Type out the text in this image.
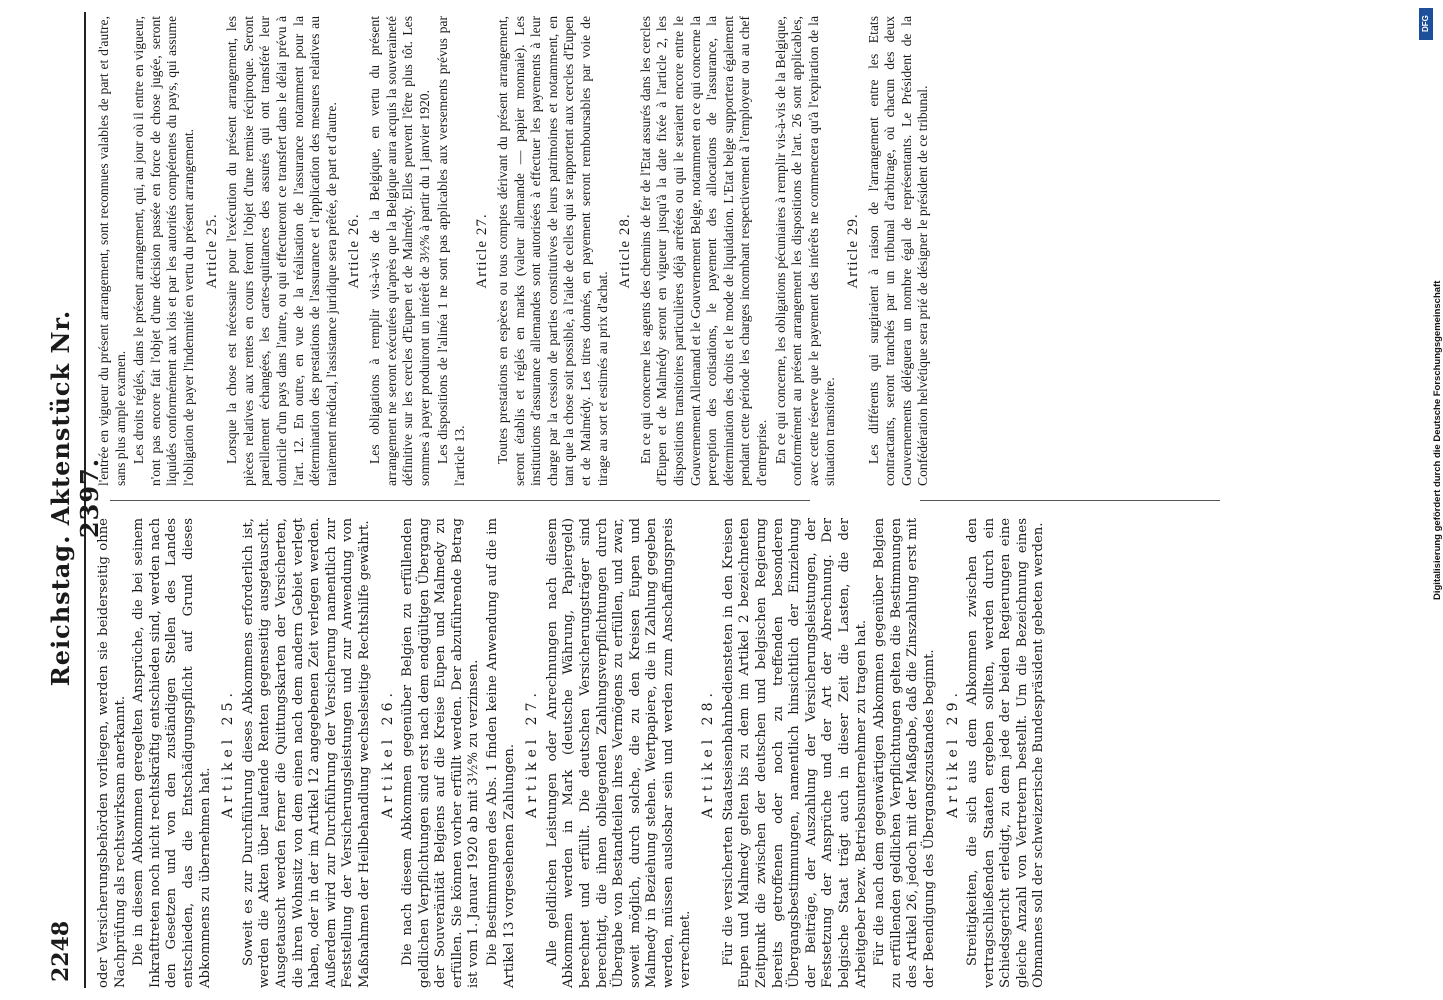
2248
Reichstag. Aktenstück Nr. 2397.

oder Versicherungsbehörden vorliegen, werden sie beiderseitig ohne Nachprüfung als rechtswirksam anerkannt. Die in diesem Abkommen geregelten Ansprüche, die bei seinem Inkrafttreten noch nicht rechtskräftig entschieden sind, werden nach den Gesetzen und von den zuständigen Stellen des Landes entschieden, das die Entschädigungspflicht auf Grund dieses Abkommens zu übernehmen hat.

Artikel 25. Soweit es zur Durchführung dieses Abkommens erforderlich ist, werden die Akten über laufende Renten gegenseitig ausgetauscht. Ausgetauscht werden ferner die Quittungskarten der Versicherten, die ihren Wohnsitz von dem einen nach dem andern Gebiet verlegt haben, oder in der im Artikel 12 angegebenen Zeit verlegen werden. Außerdem wird zur Durchführung der Versicherung namentlich zur Feststellung der Versicherungsleistungen und zur Anwendung von Maßnahmen der Heilbehandlung wechselseitige Rechtshilfe gewährt. Artikel 26. Die nach diesem Abkommen gegenüber Belgien zu erfüllenden geldlichen Verpflichtungen sind erst nach dem endgültigen Übergang der Souveränität Belgiens auf die Kreise Eupen und Malmedy zu erfüllen. Sie können vorher erfüllt werden. Der abzuführende Betrag ist vom 1. Januar 1920 ab mit 3½% zu verzinsen. Die Bestimmungen des Abs. 1 finden keine Anwendung auf die im Artikel 13 vorgesehenen Zahlungen. Artikel 27. Alle geldlichen Leistungen oder Anrechnungen nach diesem Abkommen werden in Mark (deutsche Währung, Papiergeld) berechnet und erfüllt. Die deutschen Versicherungsträger sind berechtigt, die ihnen obliegenden Zahlungsverpflichtungen durch Übergabe von Bestandteilen ihres Vermögens zu erfüllen, und zwar, soweit möglich, durch solche, die zu den Kreisen Eupen und Malmedy in Beziehung stehen. Wertpapiere, die in Zahlung gegeben werden, müssen auslosbar sein und werden zum Anschaffungspreis verrechnet.

Artikel 28. Für die versicherten Staatseisenbahnbediensteten in den Kreisen Eupen und Malmedy gelten bis zu dem im Artikel 2 bezeichneten Zeitpunkt die zwischen der deutschen und belgischen Regierung bereits getroffenen oder noch zu treffenden besonderen Übergangsbestimmungen, namentlich hinsichtlich der Einziehung der Beiträge, der Auszahlung der Versicherungsleistungen, der Festsetzung der Ansprüche und der Art der Abrechnung. Der belgische Staat trägt auch in dieser Zeit die Lasten, die der Arbeitgeber bezw. Betriebsunternehmer zu tragen hat. Für die nach dem gegenwärtigen Abkommen gegenüber Belgien zu erfüllenden geldlichen Verpflichtungen gelten die Bestimmungen des Artikel 26, jedoch mit der Maßgabe, daß die Zinszahlung erst mit der Beendigung des Übergangszustandes beginnt. Artikel 29. Streitigkeiten, die sich aus dem Abkommen zwischen den vertragschließenden Staaten ergeben sollten, werden durch ein Schiedsgericht erledigt, zu dem jede der beiden Regierungen eine gleiche Anzahl von Vertretern bestellt. Um die Bezeichnung eines Obmannes soll der schweizerische Bundespräsident gebeten werden.

l'entrée en vigueur du présent arrangement, sont reconnues valables de part et d'autre, sans plus ample examen. Les droits réglés, dans le présent arrangement, qui, au jour où il entre en vigueur, n'ont pas encore fait l'objet d'une décision passée en force de chose jugée, seront liquidés conformément aux lois et par les autorités compétentes du pays, qui assume l'obligation de payer l'indemnité en vertu du présent arrangement. Article 25. Lorsque la chose est nécessaire pour l'exécution du présent arrangement, les pièces relatives aux rentes en cours feront l'objet d'une remise réciproque. Seront pareillement échangées, les cartes-quittances des assurés qui ont transféré leur domicile d'un pays dans l'autre, ou qui effectueront ce transfert dans le délai prévu à l'art. 12. En outre, en vue de la réalisation de l'assurance notamment pour la détermination des prestations de l'assurance et l'application des mesures relatives au traitement médical, l'assistance juridique sera prêtée, de part et d'autre. Article 26. Les obligations à remplir vis-à-vis de la Belgique, en vertu du présent arrangement ne seront exécutées qu'après que la Belgique aura acquis la souveraineté définitive sur les cercles d'Eupen et de Malmédy. Elles peuvent l'être plus tôt. Les sommes à payer produiront un intérêt de 3½% à partir du 1 janvier 1920. Les dispositions de l'alinéa 1 ne sont pas applicables aux versements prévus par l'article 13.

Article 27. Toutes prestations en espèces ou tous comptes dérivant du présent arrangement, seront établis et réglés en marks (valeur allemande — papier monnaie). Les institutions d'assurance allemandes sont autorisées à effectuer les payements à leur charge par la cession de parties constitutives de leurs patrimoines et notamment, en tant que la chose soit possible, à l'aide de celles qui se rapportent aux cercles d'Eupen et de Malmédy. Les titres donnés, en payement seront remboursables par voie de tirage au sort et estimés au prix d'achat.

Article 28. En ce qui concerne les agents des chemins de fer de l'Etat assurés dans les cercles d'Eupen et de Malmédy seront en vigueur jusqu'à la date fixée à l'article 2, les dispositions transitoires particulières déjà arrêtées ou qui le seraient encore entre le Gouvernement Allemand et le Gouvernement Belge, notamment en ce qui concerne la perception des cotisations, le payement des allocations de l'assurance, la détermination des droits et le mode de liquidation. L'Etat belge supportera également pendant cette période les charges incombant respectivement à l'employeur ou au chef d'entreprise. En ce qui concerne, les obligations pécuniaires à remplir vis-à-vis de la Belgique, conformément au présent arrangement les dispositions de l'art. 26 sont applicables, avec cette réserve que le payement des intérêts ne commencera qu'à l'expiration de la situation transitoire.

Article 29. Les différents qui surgiraient à raison de l'arrangement entre les Etats contractants, seront tranchés par un tribunal d'arbitrage, où chacun des deux Gouvernements déléguera un nombre égal de représentants. Le Président de la Confédération helvétique sera prié de désigner le président de ce tribunal.

DFG
Digitalisierung gefördert durch die Deutsche Forschungsgemeinschaft
